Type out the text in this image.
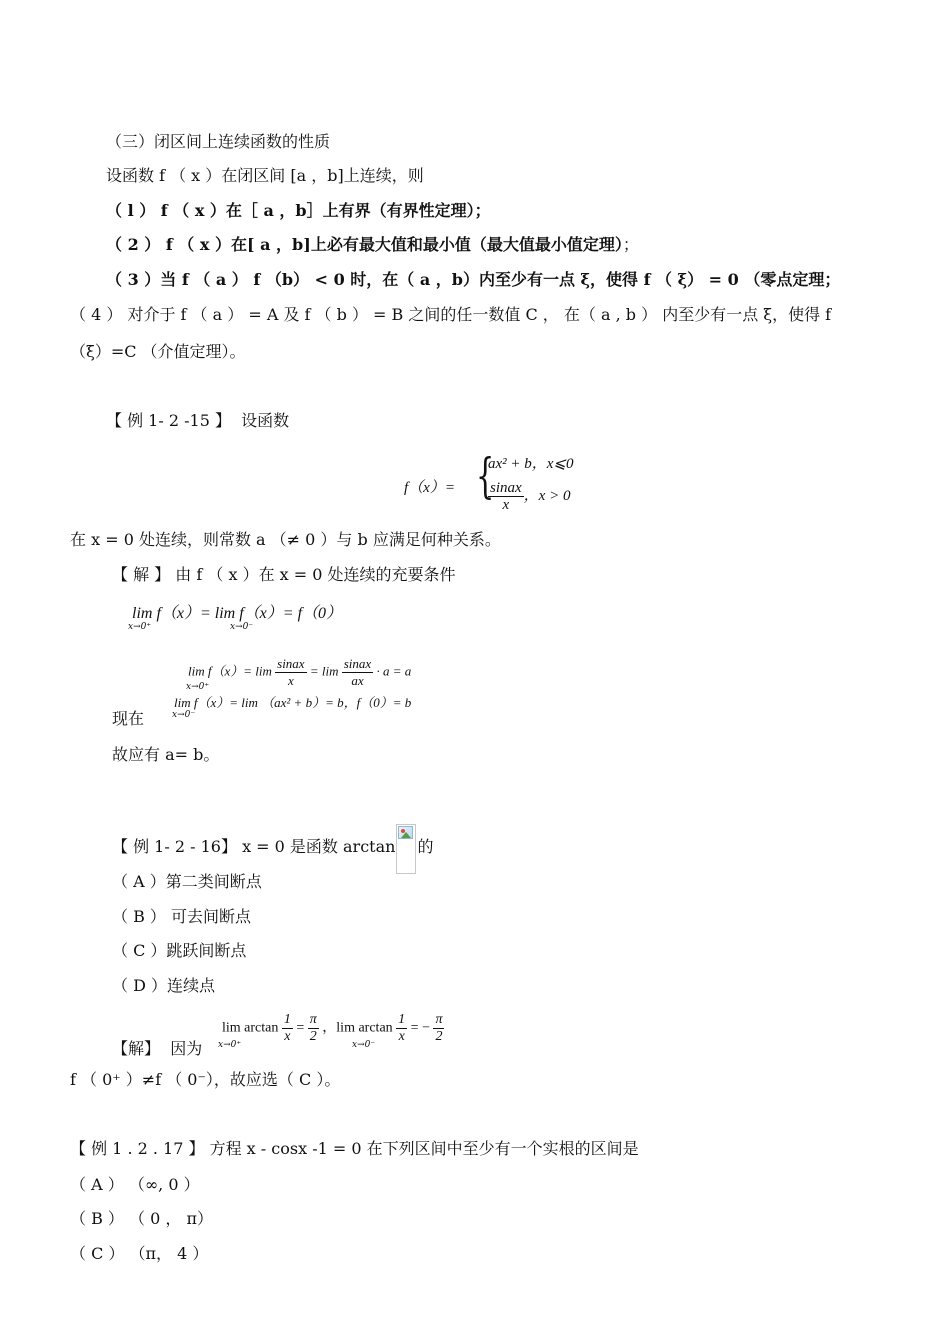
（三）闭区间上连续函数的性质
设函数 f （ x ）在闭区间 [a ，b]上连续，则
（ l ） f （ x ）在［ a ，b］上有界（有界性定理）；
（ 2 ） f （ x ）在[ a ，b]上必有最大值和最小值（最大值最小值定理）；
（ 3 ）当 f （ a ） f （b） < 0 时，在（ a ，b）内至少有一点 ξ，使得 f （ ξ） = 0 （零点定理；
（ 4 ） 对介于 f （ a ） = A 及 f （ b ） = B 之间的任一数值 C ， 在（ a , b ） 内至少有一点 ξ，使得 f
（ξ）=C （介值定理）。
【 例 1- 2 -15 】 设函数
f（x）= {
ax² + b，x⩽0
$\frac{\text{sinax}}{x}$ ，x > 0
在 x = 0 处连续，则常数 a （≠ 0 ）与 b 应满足何种关系。
【 解 】 由 f （ x ）在 x = 0 处连续的充要条件
lim f（x）= lim f（x）= f（0）
x→0⁺	x→0⁻
$\lim f(x)= \lim \frac{\text{sinax}}{x} = \lim \frac{\text{sinax}}{ax} \cdot a = a$
x→0⁺
lim f（x）= lim （ax² + b）= b，f（0）= b
x→0⁻
现在
故应有 a= b。
【 例 1- 2 - 16】 x = 0 是函数 arctan 的
（ A ）第二类间断点
（ B ） 可去间断点
（ C ）跳跃间断点
（ D ）连续点
【解】 因为
$\lim \arctan \frac{1}{x} = \frac{\pi}{2}$ ，$\lim \arctan \frac{1}{x}$ = − $\frac{\pi}{2}$
x→0⁺	x→0⁻
f （ 0⁺ ）≠f （ 0⁻），故应选（ C ）。
【 例 1 . 2 . 17 】 方程 x - cosx -1 = 0 在下列区间中至少有一个实根的区间是
（ A ） （∞, 0 ）
（ B ） （ 0 ， π）
（ C ） （π， 4 ）
